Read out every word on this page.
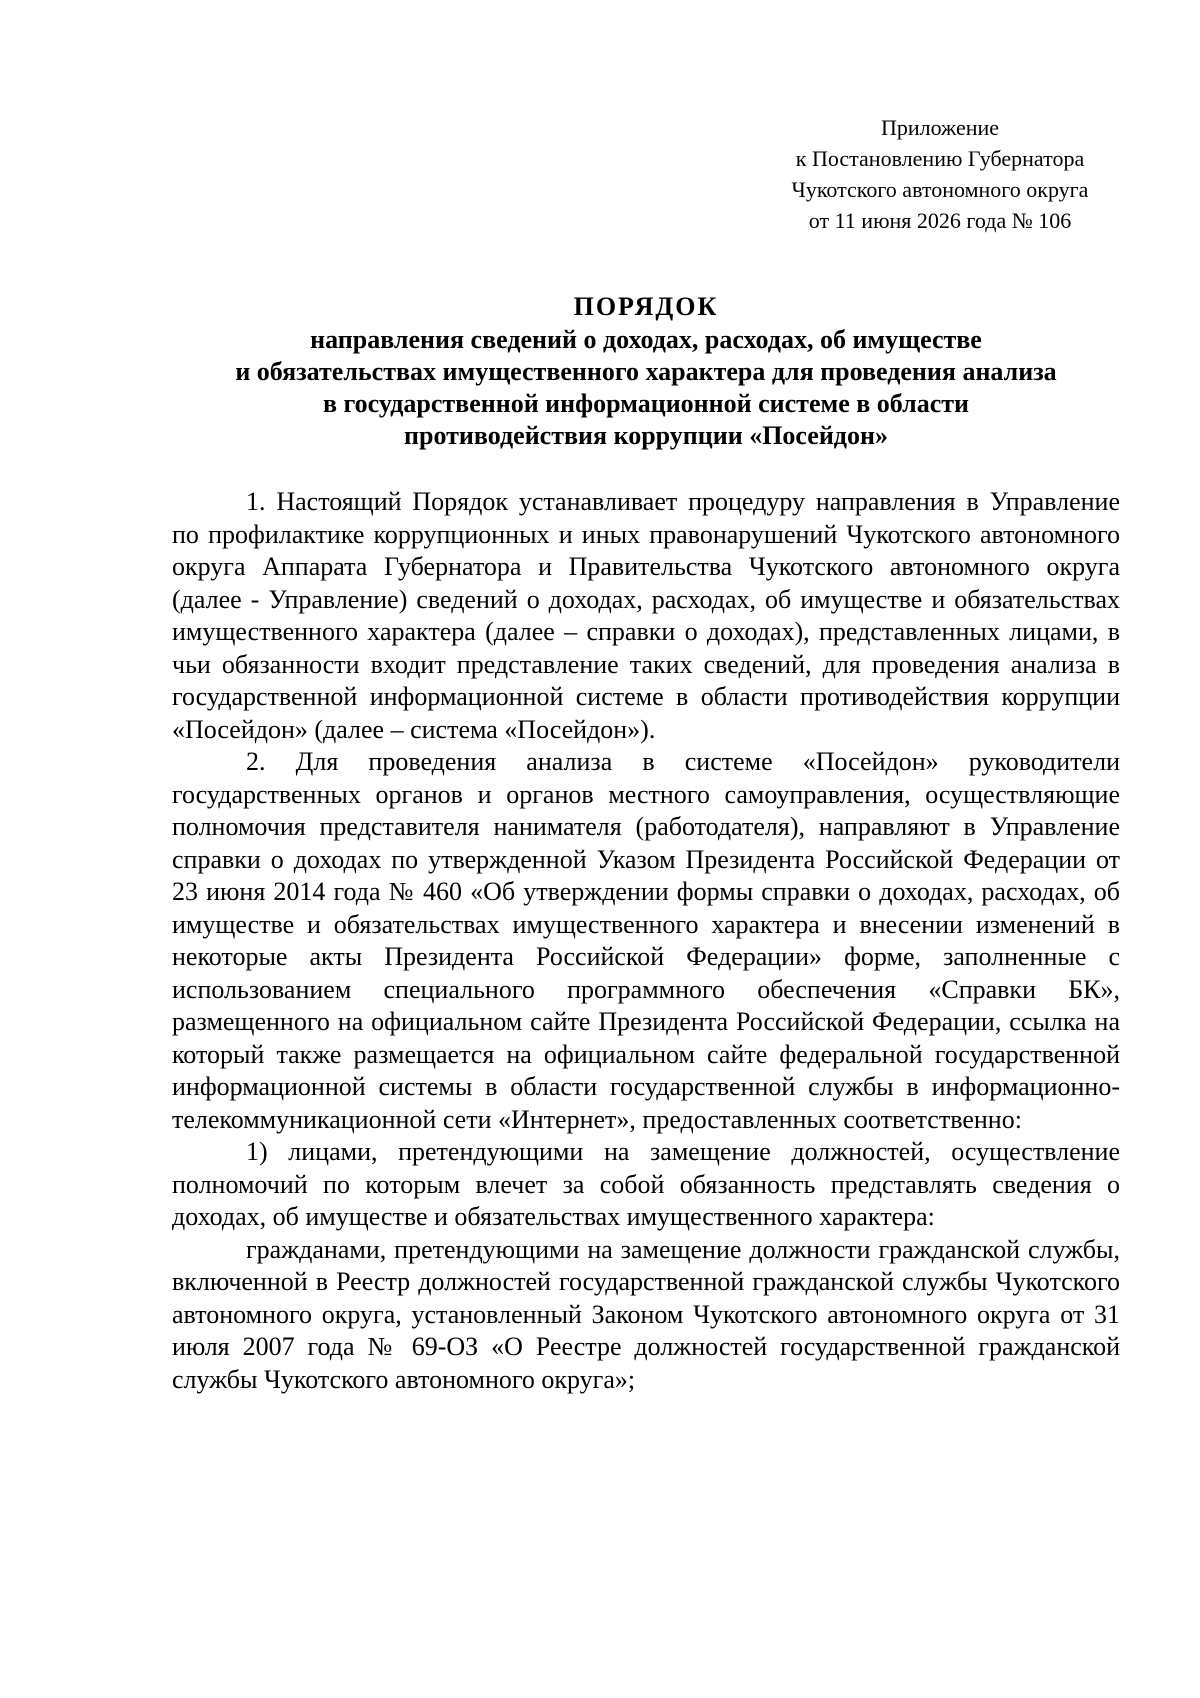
Приложение
к Постановлению Губернатора
Чукотского автономного округа
от 11 июня 2026 года № 106
ПОРЯДОК
направления сведений о доходах, расходах, об имуществе
и обязательствах имущественного характера для проведения анализа
в государственной информационной системе в области
противодействия коррупции «Посейдон»

1. Настоящий Порядок устанавливает процедуру направления в Управление по профилактике коррупционных и иных правонарушений Чукотского автономного округа Аппарата Губернатора и Правительства Чукотского автономного округа (далее - Управление) сведений о доходах, расходах, об имуществе и обязательствах имущественного характера (далее – справки о доходах), представленных лицами, в чьи обязанности входит представление таких сведений, для проведения анализа в государственной информационной системе в области противодействия коррупции «Посейдон» (далее – система «Посейдон»).

2. Для проведения анализа в системе «Посейдон» руководители государственных органов и органов местного самоуправления, осуществляющие полномочия представителя нанимателя (работодателя), направляют в Управление справки о доходах по утвержденной Указом Президента Российской Федерации от 23 июня 2014 года № 460 «Об утверждении формы справки о доходах, расходах, об имуществе и обязательствах имущественного характера и внесении изменений в некоторые акты Президента Российской Федерации» форме, заполненные с использованием специального программного обеспечения «Справки БК», размещенного на официальном сайте Президента Российской Федерации, ссылка на который также размещается на официальном сайте федеральной государственной информационной системы в области государственной службы в информационно-телекоммуникационной сети «Интернет», предоставленных соответственно:

1) лицами, претендующими на замещение должностей, осуществление полномочий по которым влечет за собой обязанность представлять сведения о доходах, об имуществе и обязательствах имущественного характера:

гражданами, претендующими на замещение должности гражданской службы, включенной в Реестр должностей государственной гражданской службы Чукотского автономного округа, установленный Законом Чукотского автономного округа от 31 июля 2007 года № 69-ОЗ «О Реестре должностей государственной гражданской службы Чукотского автономного округа»;
